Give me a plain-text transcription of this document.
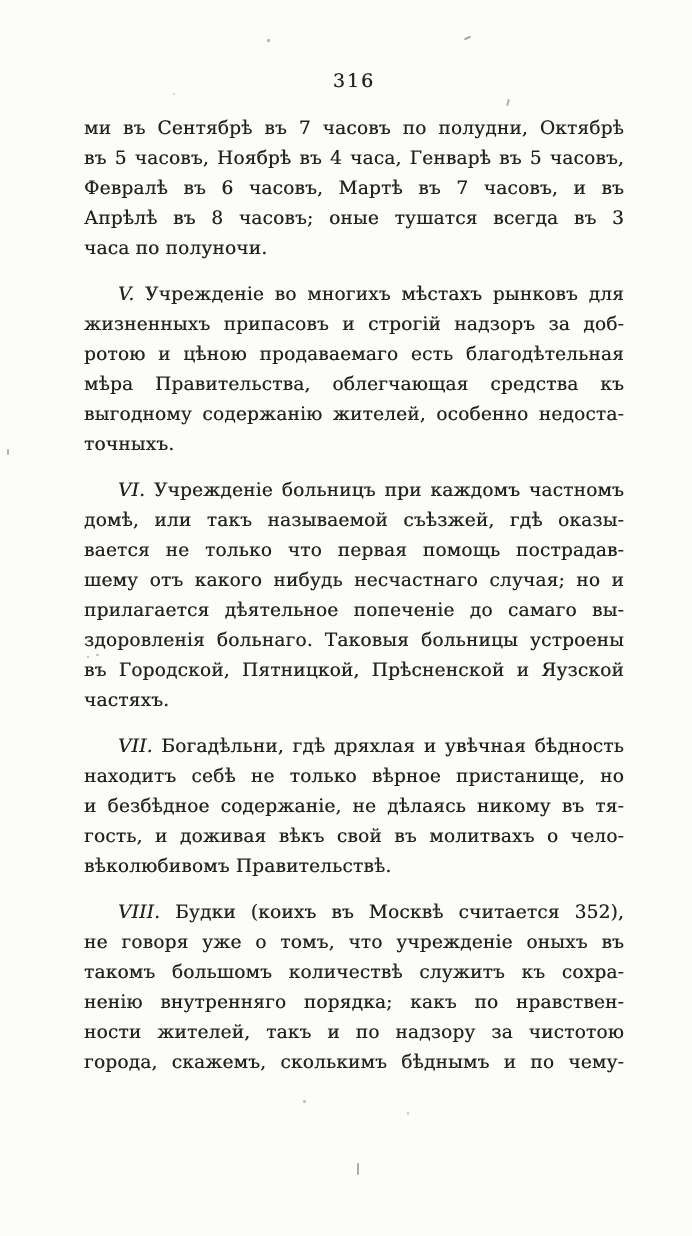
316

ми въ Сентябрѣ въ 7 часовъ по полудни, Октябрѣ
въ 5 часовъ, Ноябрѣ въ 4 часа, Генварѣ въ 5 часовъ,
Февралѣ въ 6 часовъ, Мартѣ въ 7 часовъ, и въ
Апрѣлѣ въ 8 часовъ; оные тушатся всегда въ 3
часа по полуночи.

V. Учрежденіе во многихъ мѣстахъ рынковъ для
жизненныхъ припасовъ и строгій надзоръ за доб-
ротою и цѣною продаваемаго есть благодѣтельная
мѣра Правительства, облегчающая средства къ
выгодному содержанію жителей, особенно недоста-
точныхъ.

VI. Учрежденіе больницъ при каждомъ частномъ
домѣ, или такъ называемой съѣзжей, гдѣ оказы-
вается не только что первая помощь пострадав-
шему отъ какого нибудь несчастнаго случая; но и
прилагается дѣятельное попеченіе до самаго вы-
здоровленія больнаго. Таковыя больницы устроены
въ Городской, Пятницкой, Прѣсненской и Яузской
частяхъ.

VII. Богадѣльни, гдѣ дряхлая и увѣчная бѣдность
находитъ себѣ не только вѣрное пристанище, но
и безбѣдное содержаніе, не дѣлаясь никому въ тя-
гость, и доживая вѣкъ свой въ молитвахъ о чело-
вѣколюбивомъ Правительствѣ.

VIII. Будки (коихъ въ Москвѣ считается 352),
не говоря уже о томъ, что учрежденіе оныхъ въ
такомъ большомъ количествѣ служитъ къ сохра-
ненію внутренняго порядка; какъ по нравствен-
ности жителей, такъ и по надзору за чистотою
города, скажемъ, сколькимъ бѣднымъ и по чему-
